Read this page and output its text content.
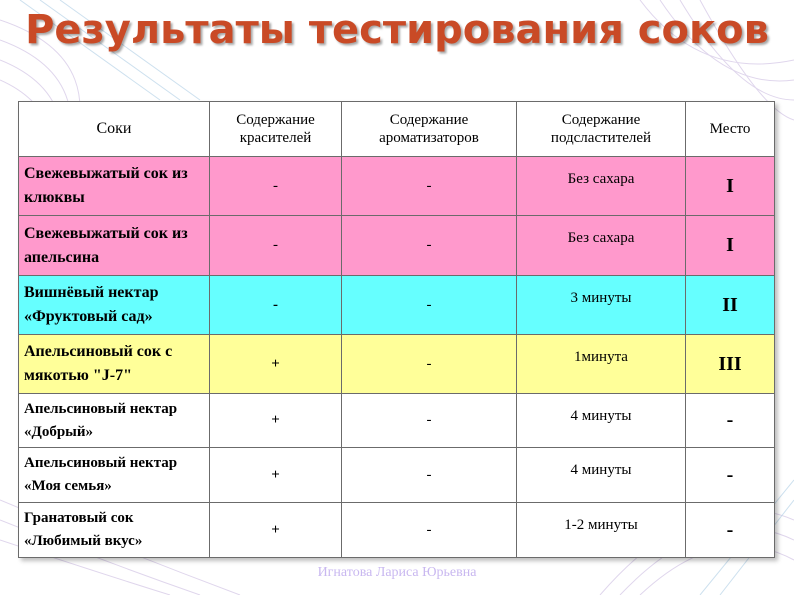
Результаты тестирования соков
Соки	Содержание красителей	Содержание ароматизаторов	Содержание подсластителей	Место
Свежевыжатый сок из клюквы	-	-	Без сахара	I
Свежевыжатый сок из апельсина	-	-	Без сахара	I
Вишнёвый нектар «Фруктовый сад»	-	-	3 минуты	II
Апельсиновый сок с мякотью "J-7"	+	-	1минута	III
Апельсиновый нектар «Добрый»	+	-	4 минуты	-
Апельсиновый нектар «Моя семья»	+	-	4 минуты	-
Гранатовый сок «Любимый вкус»	+	-	1-2 минуты	-
Игнатова Лариса Юрьевна
